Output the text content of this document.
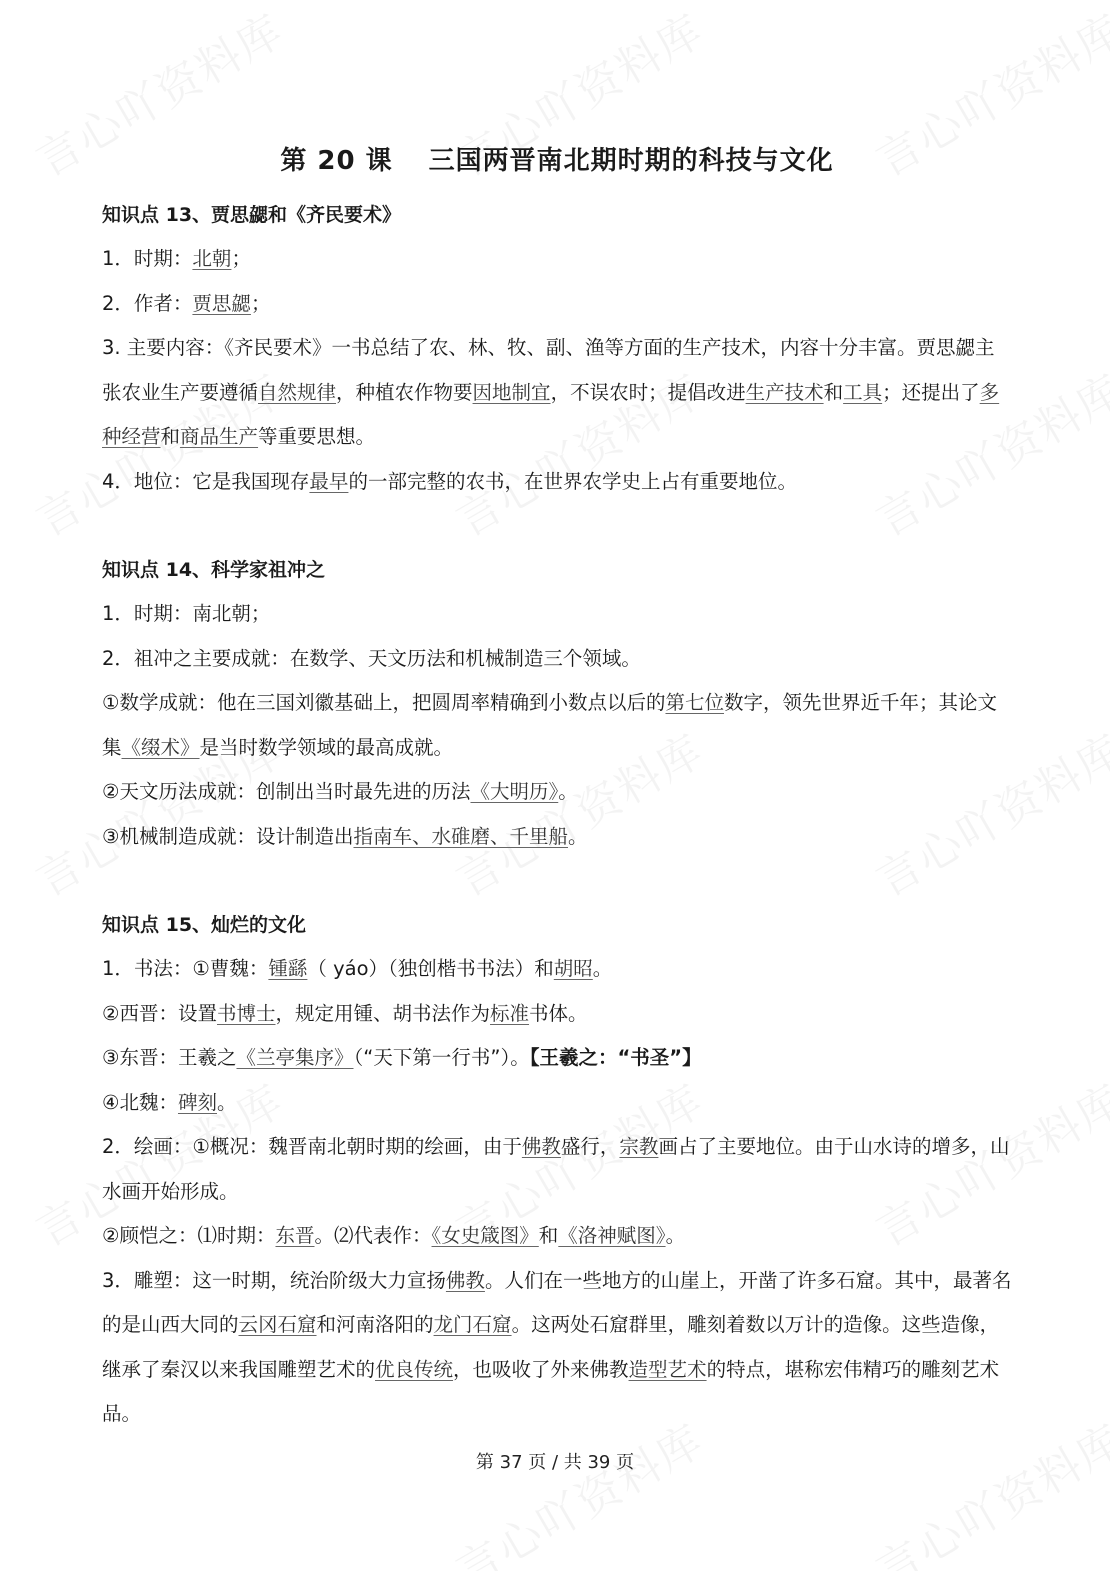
第 20 课 三国两晋南北期时期的科技与文化

知识点 13、贾思勰和《齐民要术》

1．时期：北朝；

2．作者：贾思勰；

3. 主要内容：《齐民要术》一书总结了农、林、牧、副、渔等方面的生产技术，内容十分丰富。贾思勰主张农业生产要遵循自然规律，种植农作物要因地制宜，不误农时；提倡改进生产技术和工具；还提出了多种经营和商品生产等重要思想。

4．地位：它是我国现存最早的一部完整的农书，在世界农学史上占有重要地位。

知识点 14、科学家祖冲之

1．时期：南北朝；

2．祖冲之主要成就：在数学、天文历法和机械制造三个领域。

①数学成就：他在三国刘徽基础上，把圆周率精确到小数点以后的第七位数字，领先世界近千年；其论文集《缀术》是当时数学领域的最高成就。

②天文历法成就：创制出当时最先进的历法《大明历》。

③机械制造成就：设计制造出指南车、水碓磨、千里船。

知识点 15、灿烂的文化

1．书法：①曹魏：锺繇（ yáo）（独创楷书书法）和胡昭。

②西晋：设置书博士，规定用锺、胡书法作为标准书体。

③东晋：王羲之《兰亭集序》（“天下第一行书”）。【王羲之：“书圣”】

④北魏：碑刻。

2．绘画：①概况：魏晋南北朝时期的绘画，由于佛教盛行，宗教画占了主要地位。由于山水诗的增多，山水画开始形成。

②顾恺之：⑴时期：东晋。⑵代表作：《女史箴图》和《洛神赋图》。

3．雕塑：这一时期，统治阶级大力宣扬佛教。人们在一些地方的山崖上，开凿了许多石窟。其中，最著名的是山西大同的云冈石窟和河南洛阳的龙门石窟。这两处石窟群里，雕刻着数以万计的造像。这些造像，继承了秦汉以来我国雕塑艺术的优良传统，也吸收了外来佛教造型艺术的特点，堪称宏伟精巧的雕刻艺术品。

第 37 页 / 共 39 页
